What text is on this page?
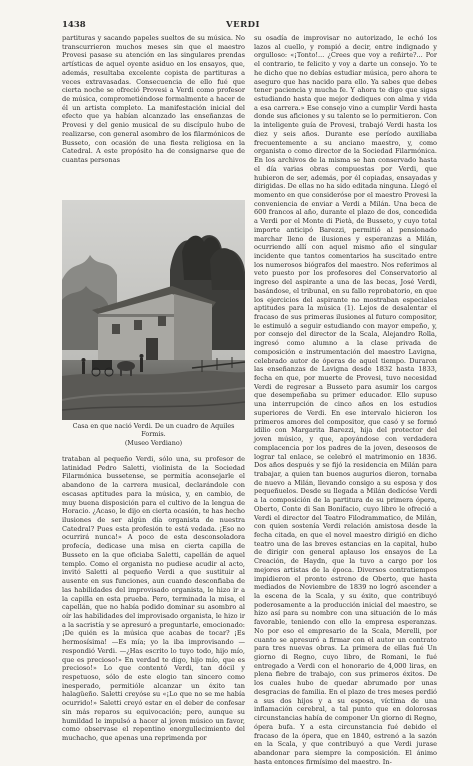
1438	VERDI
partituras y sacando papeles sueltos de su música. No transcurrieron muchos meses sin que el maestro Provesi pasase su atención en las singulares prendas artísticas de aquel oyente asiduo en los ensayos, que, además, resultaba excelente copista de partituras a veces extravasadas. Consecuencia de ello fué que cierta noche se ofreció Provesi a Verdi como profesor de música, comprometiéndose formalmente a hacer de él un artista completo. La manifestación inicial del efecto que ya habían alcanzado las enseñanzas de Provesi y del genio musical de su discípulo hubo de realizarse, con general asombro de los filarmónicos de Busseto, con ocasión de una fiesta religiosa en la Catedral. A este propósito ha de consignarse que de cuantas personas
Casa en que nació Verdi. De un cuadro de Aquiles Formis.
(Museo Verdiano)
trataban al pequeño Verdi, sólo una, su profesor de latinidad Pedro Saletti, violinista de la Sociedad Filarmónica bussetense, se permitía aconsejarle el abandono de la carrera musical, declarándole con escasas aptitudes para la música, y, en cambio, de muy buena disposición para el cultivo de la lengua de Horacio. ¿Acaso, le dijo en cierta ocasión, te has hecho ilusiones de ser algún día organista de nuestra Catedral? Pues esta profesión te está vedada. ¡Eso no ocurrirá nunca!» A poco de esta desconsoladora profecía, dedicase una misa en cierta capilla de Busseto en la que oficiaba Saletti, capellán de aquel templo. Como el organista no pudiese acudir al acto, invitó Saletti al pequeño Verdi a que sustituir al ausente en sus funciones, aun cuando desconfiaba de las habilidades del improvisado organista, le hizo ir a la capilla en esta prueba. Pero, terminada la misa, el capellán, que no había podido dominar su asombro al oír las habilidades del improvisado organista, le hizo ir a la sacristía y se apresuró a preguntarle, emocionado: ¡De quién es la música que acabas de tocar? ¡Es hermosísima! —Es mía; yo la iba improvisando —respondió Verdi. —¿Has escrito lo tuyo todo, hijo mío, que es precioso!» En verdad te digo, hijo mío, que es precioso!» Lo que contentó Verdi, tan dócil y respetuoso, sólo de este elogio tan sincero como inesperado, permitióle alcanzar un éxito tan halagüeño. Saletti creyóse su «¡Lo que no se me había ocurrido!» Saletti creyó estar en el deber de confesar sin más reparos su equivocación; pero, aunque su humildad le impulsó a hacer al joven músico un favor, como observase el repentino enorgullecimiento del muchacho, que apenas una reprimenda por
su osadía de improvisar no autorizado, le echó los lazos al cuello, y rompió a decir, entre indignado y orgulloso: «¡Tonto!... ¿Crees que voy a reñirte?... Por el contrario, te felicito y voy a darte un consejo. Yo te he dicho que no debías estudiar música, pero ahora te aseguro que has nacido para ello. Ya sabes que debes tener paciencia y mucha fe. Y ahora te digo que sigas estudiando hasta que mejor dediques con alma y vida a esa carrera.» Ese consejo vino a cumplir Verdi hasta donde sus aficiones y su talento se lo permitieron. Con la inteligente guía de Provesi, trabajó Verdi hasta los diez y seis años. Durante ese período auxiliaba frecuentemente a su anciano maestro, y, como organista o como director de la Sociedad Filarmónica. En los archivos de la misma se han conservado hasta el día varias obras compuestas por Verdi, que hubieron de ser, además, por él copiadas, ensayadas y dirigidas. De ellas no ha sido editada ninguna. Llegó el momento en que consideróse por el maestro Provesi la conveniencia de enviar a Verdi a Milán. Una beca de 600 francos al año, durante el plazo de dos, concedida a Verdi por el Monte di Pietà, de Busseto, y cuyo total importe anticipó Barezzi, permitió al pensionado marchar lleno de ilusiones y esperanzas a Milán, ocurriendo allí con aquel mismo año el singular incidente que tantos comentarios ha suscitado entre los numerosos biógrafos del maestro. Nos referimos al veto puesto por los profesores del Conservatorio al ingreso del aspirante a una de las becas, José Verdi, basándose, el tribunal, en su fallo reprobatorio, en que los ejercicios del aspirante no mostraban especiales aptitudes para la música (1). Lejos de desalentar el fracaso de sus primeras ilusiones al futuro compositor, le estimuló a seguir estudiando con mayor empeño, y, por consejo del director de la Scala, Alejandro Rolla, ingresó como alumno a la clase privada de composición e instrumentación del maestro Lavigna, celebrado autor de óperas de aquel tiempo. Duraron las enseñanzas de Lavigna desde 1832 hasta 1833, fecha en que, por muerte de Provesi, tuvo necesidad Verdi de regresar a Busseto para asumir los cargos que desempeñaba su primer educador. Ello supuso una interrupción de cinco años en los estudios superiores de Verdi. En ese intervalo hicieron los primeros amores del compositor, que casó y se formó idilio con Margarita Barezzi, hija del protector del joven músico, y que, apoyándose con verdadera complacencia por los padres de la joven, deseosos de lograr tal enlace, se celebró el matrimonio en 1836. Dos años después y se fijó la residencia en Milán para trabajar, a quien tan buenos augurios dieron, tornaba de nuevo a Milán, llevando consigo a su esposa y dos pequeñuelos. Desde su llegada a Milán dedicóse Verdi a la composición de la partitura de su primera ópera, Oberto, Conte di San Bonifacio, cuyo libro le ofreció a Verdi el director del Teatro Filodrammatico, de Milán, con quien sostenía Verdi relación amistosa desde la fecha citada, en que el novel maestro dirigió en dicho teatro una de las breves estancias en la capital, hubo de dirigir con general aplauso los ensayos de La Creación, de Haydn, que la tuvo a cargo por los mejores artistas de la época. Diversos contratiempos impidieron el pronto estreno de Oberto, que hasta mediados de Noviembre de 1839 no logró ascender a la escena de la Scala, y su éxito, que contribuyó poderosamente a la producción inicial del maestro, se hizo así para su nombre con una situación de lo más favorable, teniendo con ello la empresa esperanzas. No por eso el empresario de la Scala, Merelli, por cuanto se apresuró a firmar con el autor un contrato para tres nuevas obras. La primera de ellas fué Un giorno di Regno, cuyo libro, de Romani, le fué entregado a Verdi con el honorario de 4,000 liras, en plena fiebre de trabajo, con sus primeros éxitos. De los cuales hubo de quedar abrumado por unas desgracias de familia. En el plazo de tres meses perdió a sus dos hijos y a su esposa, víctima de una inflamación cerebral, a tal punto que en dolorosas circunstancias había de componer Un giorno di Regno, ópera bufa. Y a esta circunstancia fué debido el fracaso de la ópera, que en 1840, estrenó a la sazón en la Scala, y que contribuyó a que Verdi jurase abandonar para siempre la composición. El ánimo hasta entonces firmísimo del maestro. In-
